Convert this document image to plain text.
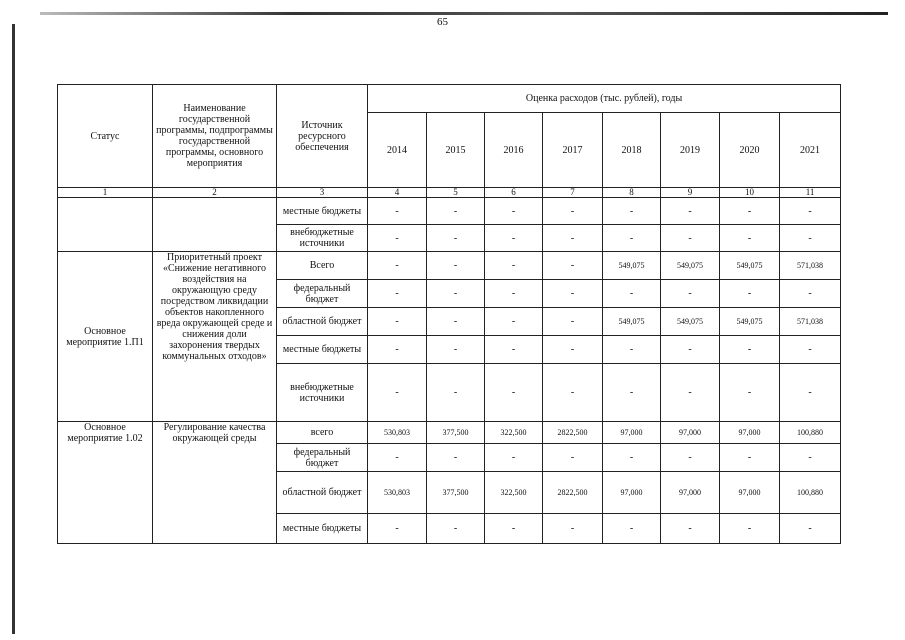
65
Статус	Наименование государственной программы, подпрограммы государственной программы, основного мероприятия	Источник ресурсного обеспечения	Оценка расходов (тыс. рублей), годы							
			2014	2015	2016	2017	2018	2019	2020	2021
1	2	3	4	5	6	7	8	9	10	11
		местные бюджеты	-	-	-	-	-	-	-	-
		внебюджетные источники	-	-	-	-	-	-	-	-
Основное мероприятие 1.П1	Приоритетный проект «Снижение негативного воздействия на окружающую среду посредством ликвидации объектов накопленного вреда окружающей среде и снижения доли захоронения твердых коммунальных отходов»	Всего	-	-	-	-	549,075	549,075	549,075	571,038
		федеральный бюджет	-	-	-	-	-	-	-	-
		областной бюджет	-	-	-	-	549,075	549,075	549,075	571,038
		местные бюджеты	-	-	-	-	-	-	-	-
		внебюджетные источники	-	-	-	-	-	-	-	-
Основное мероприятие 1.02	Регулирование качества окружающей среды	всего	530,803	377,500	322,500	2822,500	97,000	97,000	97,000	100,880
		федеральный бюджет	-	-	-	-	-	-	-	-
		областной бюджет	530,803	377,500	322,500	2822,500	97,000	97,000	97,000	100,880
		местные бюджеты	-	-	-	-	-	-	-	-
